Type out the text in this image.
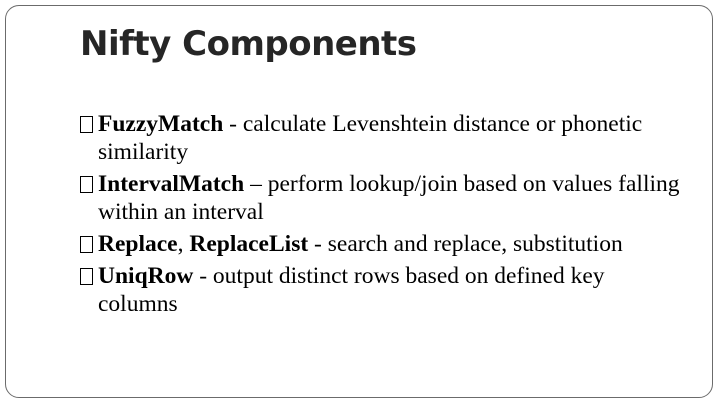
Nifty Components
FuzzyMatch - calculate Levenshtein distance or phonetic similarity
IntervalMatch – perform lookup/join based on values falling within an interval
Replace, ReplaceList - search and replace, substitution
UniqRow - output distinct rows based on defined key columns
